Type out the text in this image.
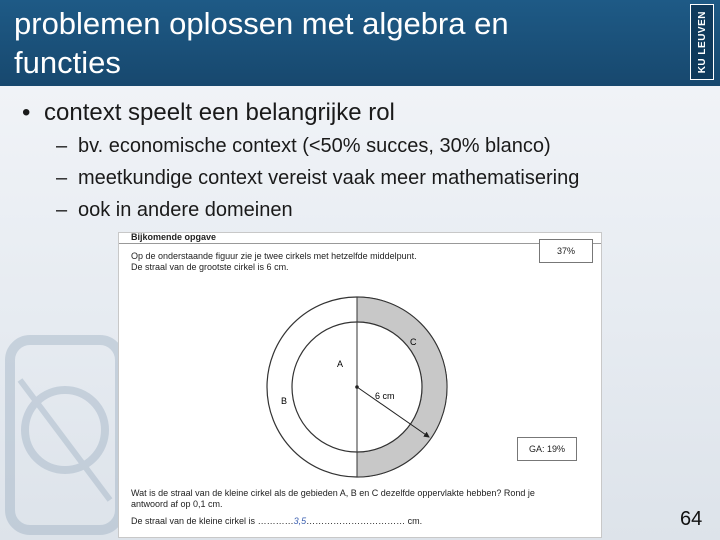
problemen oplossen met algebra en
functies	KU LEUVEN
• context speelt een belangrijke rol
– bv. economische context (<50% succes, 30% blanco)
– meetkundige context vereist vaak meer mathematisering
– ook in andere domeinen
Bijkomende opgave
Op de onderstaande figuur zie je twee cirkels met hetzelfde middelpunt.
De straal van de grootste cirkel is 6 cm.
37%
A
B
C
6 cm
GA: 19%
Wat is de straal van de kleine cirkel als de gebieden A, B en C dezelfde oppervlakte hebben? Rond je
antwoord af op 0,1 cm.
De straal van de kleine cirkel is …………3,5…………………………… cm.	64
